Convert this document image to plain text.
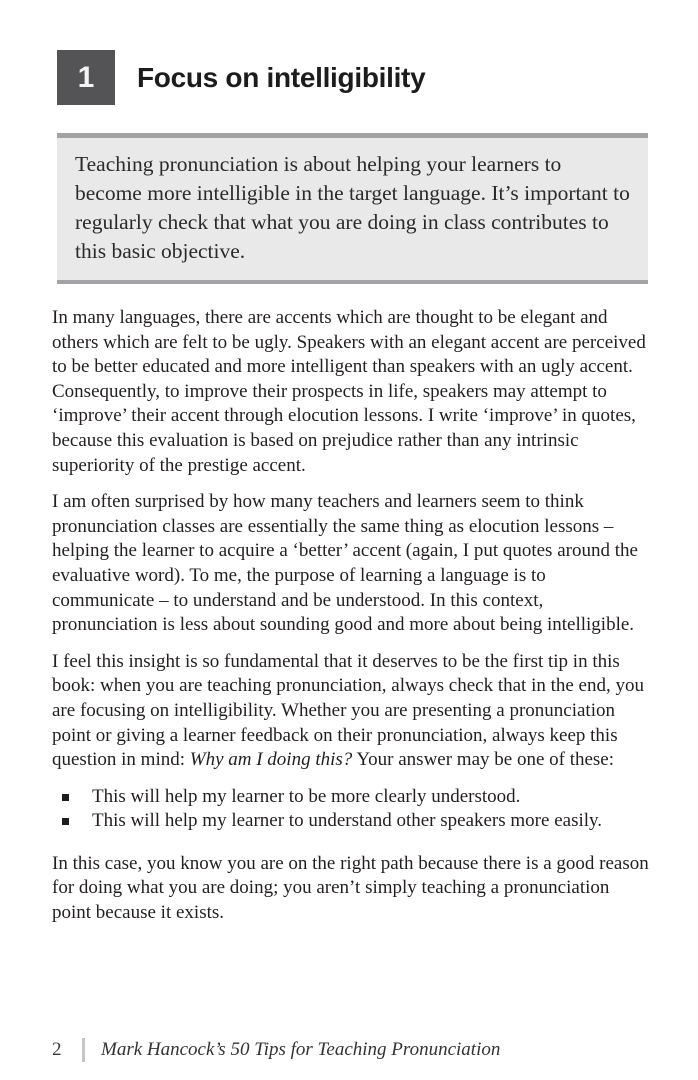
1	Focus on intelligibility

Teaching pronunciation is about helping your learners to become more intelligible in the target language. It’s important to regularly check that what you are doing in class contributes to this basic objective.

In many languages, there are accents which are thought to be elegant and others which are felt to be ugly. Speakers with an elegant accent are perceived to be better educated and more intelligent than speakers with an ugly accent. Consequently, to improve their prospects in life, speakers may attempt to ‘improve’ their accent through elocution lessons. I write ‘improve’ in quotes, because this evaluation is based on prejudice rather than any intrinsic superiority of the prestige accent.

I am often surprised by how many teachers and learners seem to think pronunciation classes are essentially the same thing as elocution lessons – helping the learner to acquire a ‘better’ accent (again, I put quotes around the evaluative word). To me, the purpose of learning a language is to communicate – to understand and be understood. In this context, pronunciation is less about sounding good and more about being intelligible.

I feel this insight is so fundamental that it deserves to be the first tip in this book: when you are teaching pronunciation, always check that in the end, you are focusing on intelligibility. Whether you are presenting a pronunciation point or giving a learner feedback on their pronunciation, always keep this question in mind: Why am I doing this? Your answer may be one of these:

This will help my learner to be more clearly understood.
This will help my learner to understand other speakers more easily.

In this case, you know you are on the right path because there is a good reason for doing what you are doing; you aren’t simply teaching a pronunciation point because it exists.

2	Mark Hancock’s 50 Tips for Teaching Pronunciation
